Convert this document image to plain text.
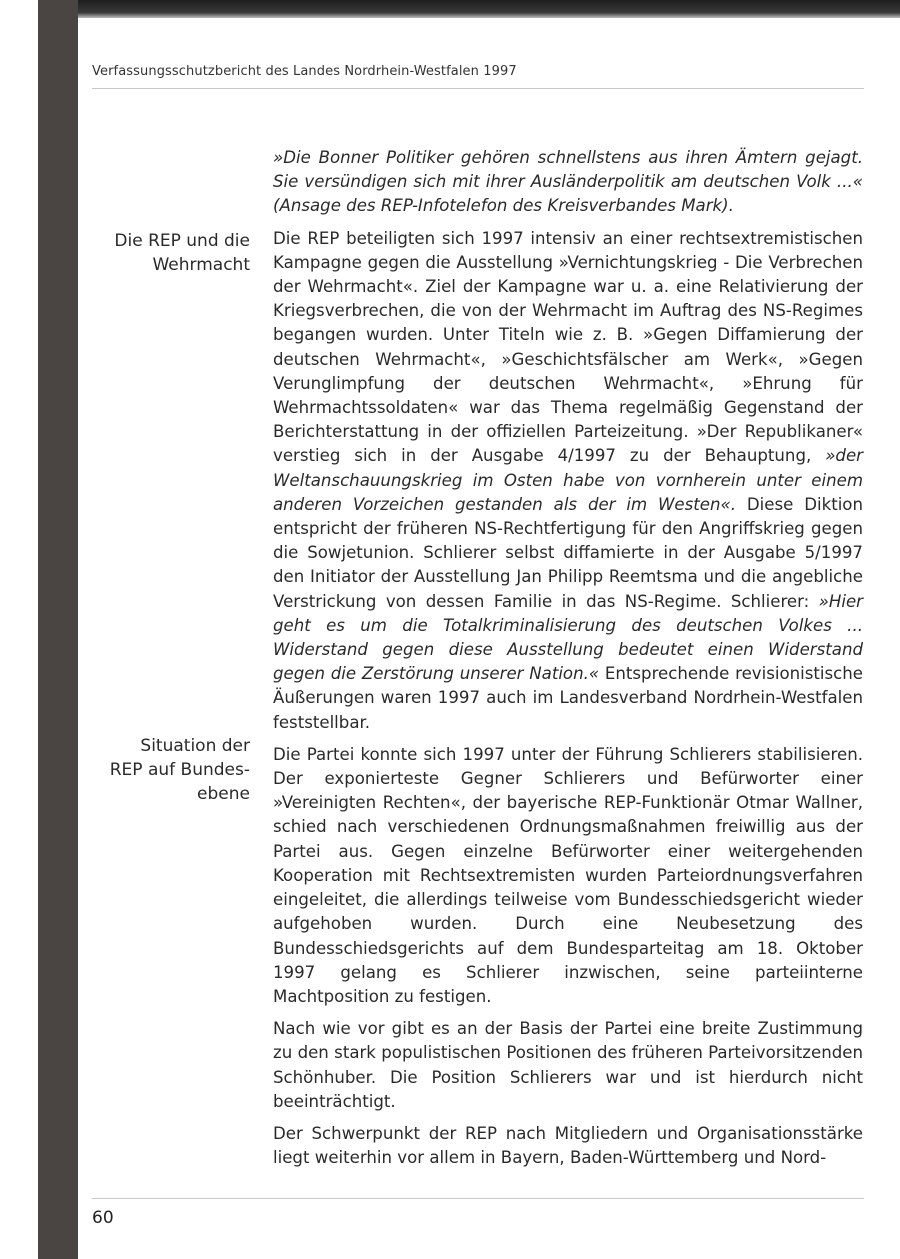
Verfassungsschutzbericht des Landes Nordrhein-Westfalen 1997
Die REP und die
Wehrmacht
Situation der
REP auf Bundes-
ebene

»Die Bonner Politiker gehören schnellstens aus ihren Ämtern gejagt. Sie versündigen sich mit ihrer Ausländerpolitik am deutschen Volk ...« (Ansage des REP-Infotelefon des Kreisverbandes Mark).

Die REP beteiligten sich 1997 intensiv an einer rechtsextremistischen Kampagne gegen die Ausstellung »Vernichtungskrieg - Die Verbrechen der Wehrmacht«. Ziel der Kampagne war u. a. eine Relativierung der Kriegsverbrechen, die von der Wehrmacht im Auftrag des NS-Regimes begangen wurden. Unter Titeln wie z. B. »Gegen Diffamierung der deutschen Wehrmacht«, »Geschichtsfälscher am Werk«, »Gegen Verunglimpfung der deutschen Wehrmacht«, »Ehrung für Wehrmachtssoldaten« war das Thema regelmäßig Gegenstand der Berichterstattung in der offiziellen Parteizeitung. »Der Republikaner« verstieg sich in der Ausgabe 4/1997 zu der Behauptung, »der Weltanschauungskrieg im Osten habe von vornherein unter einem anderen Vorzeichen gestanden als der im Westen«. Diese Diktion entspricht der früheren NS-Rechtfertigung für den Angriffskrieg gegen die Sowjetunion. Schlierer selbst diffamierte in der Ausgabe 5/1997 den Initiator der Ausstellung Jan Philipp Reemtsma und die angebliche Verstrickung von dessen Familie in das NS-Regime. Schlierer: »Hier geht es um die Totalkriminalisierung des deutschen Volkes ... Widerstand gegen diese Ausstellung bedeutet einen Widerstand gegen die Zerstörung unserer Nation.« Entsprechende revisionistische Äußerungen waren 1997 auch im Landesverband Nordrhein-Westfalen feststellbar.

Die Partei konnte sich 1997 unter der Führung Schlierers stabilisieren. Der exponierteste Gegner Schlierers und Befürworter einer »Vereinigten Rechten«, der bayerische REP-Funktionär Otmar Wallner, schied nach verschiedenen Ordnungsmaßnahmen freiwillig aus der Partei aus. Gegen einzelne Befürworter einer weitergehenden Kooperation mit Rechtsextremisten wurden Parteiordnungsverfahren eingeleitet, die allerdings teilweise vom Bundesschiedsgericht wieder aufgehoben wurden. Durch eine Neubesetzung des Bundesschiedsgerichts auf dem Bundesparteitag am 18. Oktober 1997 gelang es Schlierer inzwischen, seine parteiinterne Machtposition zu festigen.

Nach wie vor gibt es an der Basis der Partei eine breite Zustimmung zu den stark populistischen Positionen des früheren Parteivorsitzenden Schönhuber. Die Position Schlierers war und ist hierdurch nicht beeinträchtigt.

Der Schwerpunkt der REP nach Mitgliedern und Organisationsstärke liegt weiterhin vor allem in Bayern, Baden-Württemberg und Nord-

60
